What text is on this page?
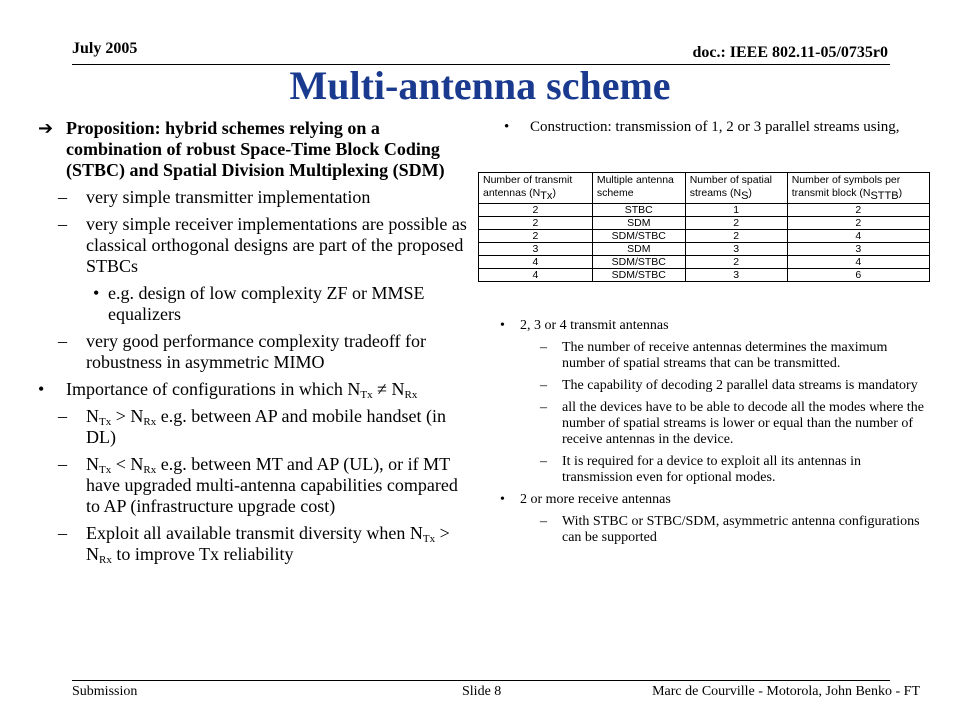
July 2005	doc.: IEEE 802.11-05/0735r0
Multi-antenna scheme
➔ Proposition: hybrid schemes relying on a combination of robust Space-Time Block Coding (STBC) and Spatial Division Multiplexing (SDM)
– very simple transmitter implementation
– very simple receiver implementations are possible as classical orthogonal designs are part of the proposed STBCs
• e.g. design of low complexity ZF or MMSE equalizers
– very good performance complexity tradeoff for robustness in asymmetric MIMO
• Importance of configurations in which $N_{Tx} \ne N_{Rx}$
– $N_{Tx} > N_{Rx}$ e.g. between AP and mobile handset (in DL)
– $N_{Tx} < N_{Rx}$ e.g. between MT and AP (UL), or if MT have upgraded multi-antenna capabilities compared to AP (infrastructure upgrade cost)
– Exploit all available transmit diversity when $N_{Tx} > N_{Rx}$ to improve Tx reliability
• Construction: transmission of 1, 2 or 3 parallel streams using,
Number of transmit antennas $(N_{Tx})$	Multiple antenna scheme	Number of spatial streams $(N_S)$	Number of symbols per transmit block $(N_{STTB})$
2	STBC	1	2
2	SDM	2	2
2	SDM/STBC	2	4
3	SDM	3	3
4	SDM/STBC	2	4
4	SDM/STBC	3	6
• 2, 3 or 4 transmit antennas
– The number of receive antennas determines the maximum number of spatial streams that can be transmitted.
– The capability of decoding 2 parallel data streams is mandatory
– all the devices have to be able to decode all the modes where the number of spatial streams is lower or equal than the number of receive antennas in the device.
– It is required for a device to exploit all its antennas in transmission even for optional modes.
• 2 or more receive antennas
– With STBC or STBC/SDM, asymmetric antenna configurations can be supported
Submission	Slide 8	Marc de Courville - Motorola, John Benko - FT
